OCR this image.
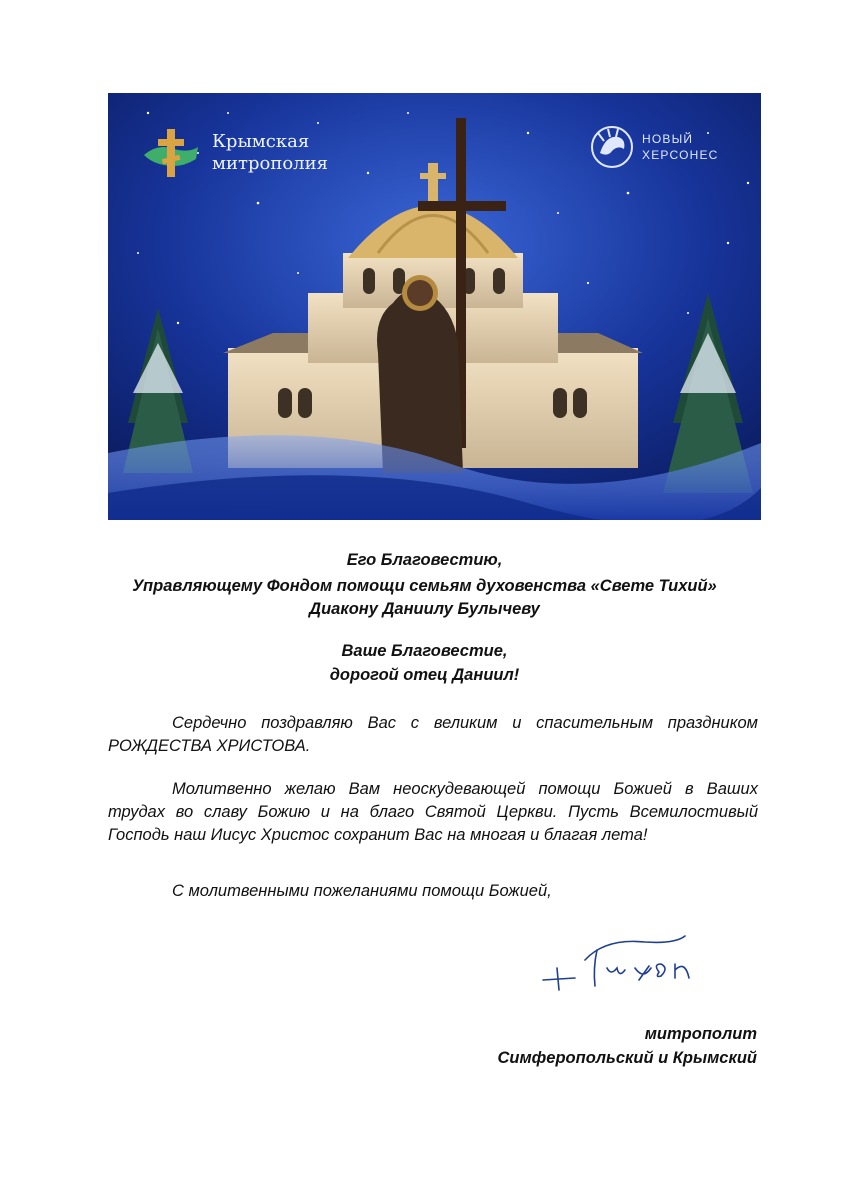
Крымская
митрополия
НОВЫЙ
ХЕРСОНЕС
Его Благовестию,
Управляющему Фондом помощи семьям духовенства «Свете Тихий»
Диакону Даниилу Булычеву
Ваше Благовестие,
дорогой отец Даниил!
Сердечно поздравляю Вас с великим и спасительным праздником РОЖДЕСТВА ХРИСТОВА.
Молитвенно желаю Вам неоскудевающей помощи Божией в Ваших трудах во славу Божию и на благо Святой Церкви. Пусть Всемилостивый Господь наш Иисус Христос сохранит Вас на многая и благая лета!
С молитвенными пожеланиями помощи Божией,
митрополит
Симферопольский и Крымский
